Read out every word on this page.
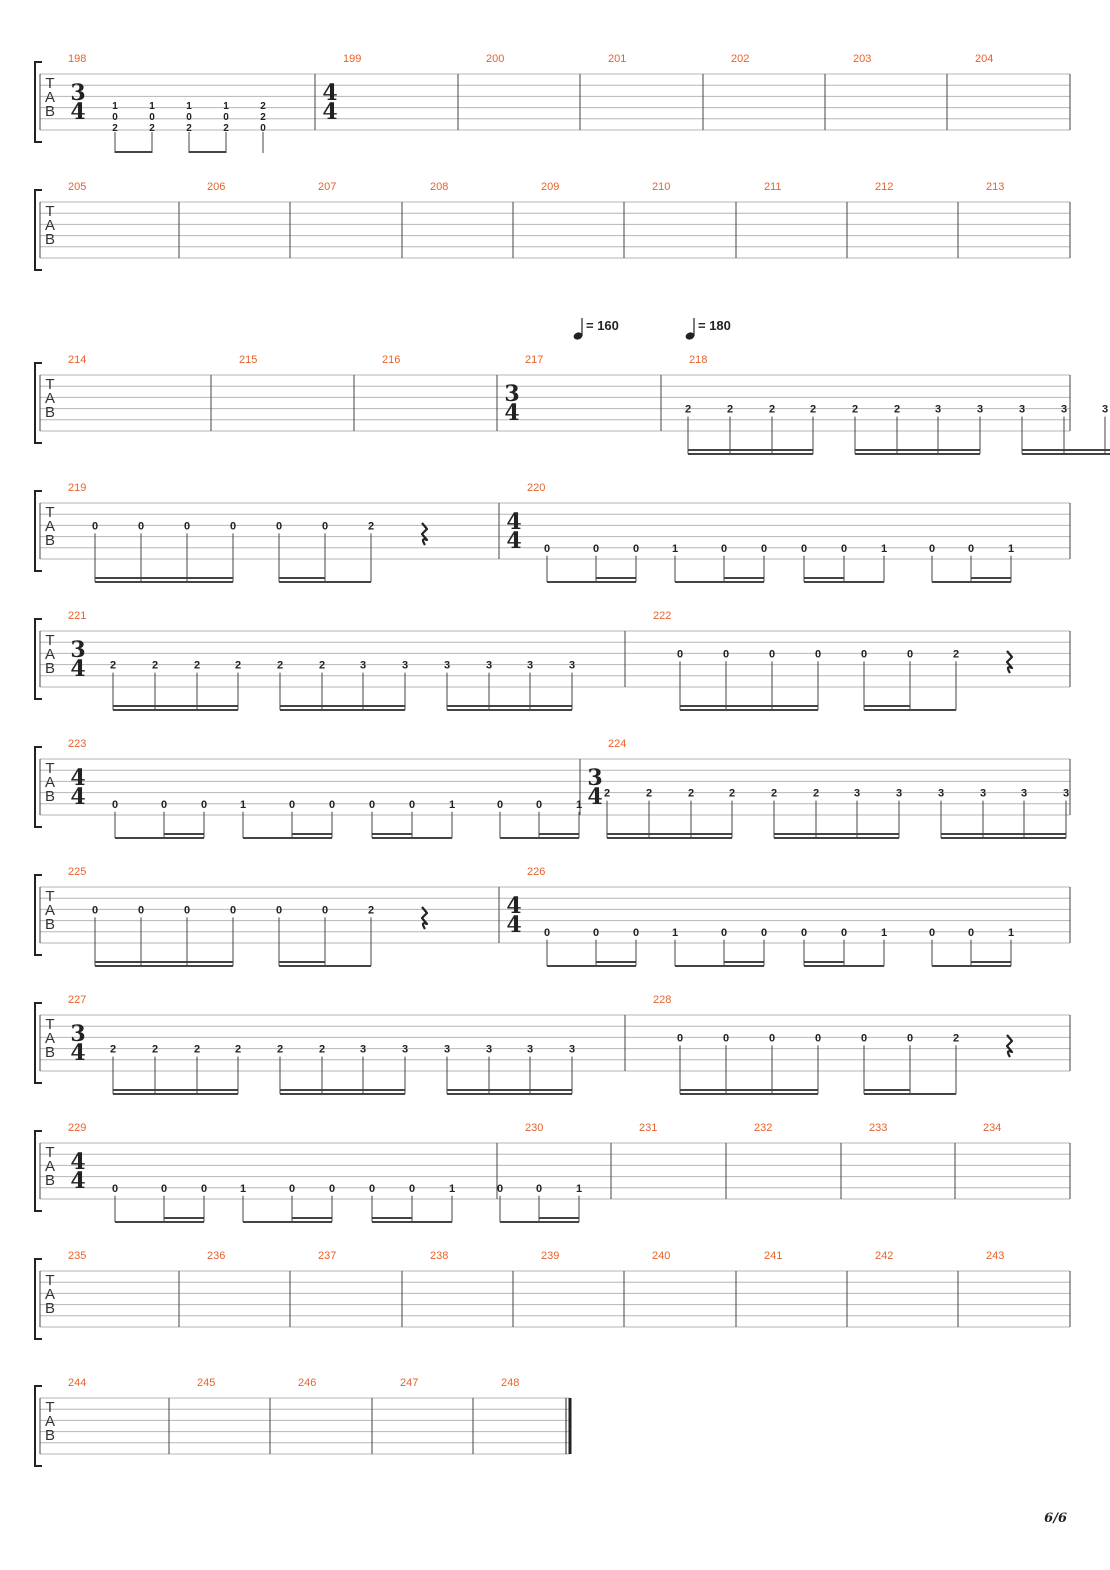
T
A
B
198
3
4	1
0
2
1
0
2
1
0
2
1
0
2
2
2
0
199
4
4
200	201	202	203	204
T
A
B
205	206	207	208	209	210	211	212	213
T
A
B
= 160	= 180
214	215	216	217
3
4
218
2	2	2	2	2	2	3	3	3	3	3
T
A
B
219
0	0	0	0	0	0	2
220
4
4 0	0	0	1	0	0	0	0	1	0	0	1
T
A
B
221
3
4 2	2	2	2	2	2	3	3	3	3	3	3
222
0	0	0	0	0	0	2
T
A
B
223
4
4 0	0	0	1	0	0	0	0	1	0	0	1
224
3
4 2	2	2	2	2	2	3	3	3	3	3	3
T
A
B
225
0	0	0	0	0	0	2
226
4
4 0	0	0	1	0	0	0	0	1	0	0	1
T
A
B
227
3
4 2	2	2	2	2	2	3	3	3	3	3	3
228
0	0	0	0	0	0	2
T
A
B
229
4
4 0	0	0	1	0	0	0	0	1	0	0	1
230	231	232	233	234
T
A
B
235	236	237	238	239	240	241	242	243
T
A
B
244	245	246	247	248
6/6
